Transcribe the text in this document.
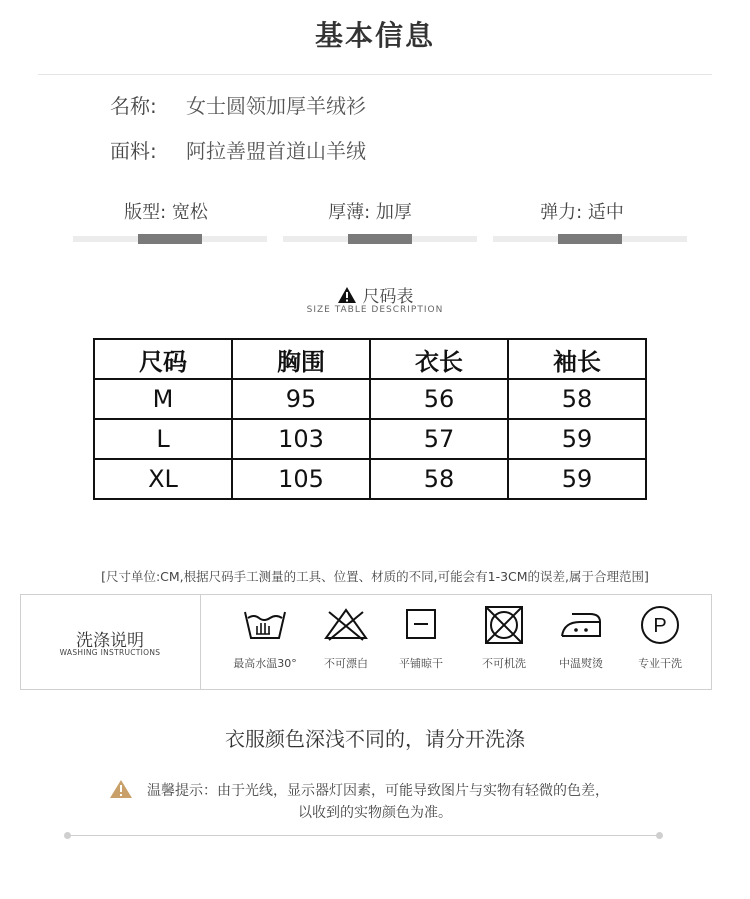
基本信息
名称: 女士圆领加厚羊绒衫
面料: 阿拉善盟首道山羊绒
版型: 宽松	厚薄: 加厚	弹力: 适中
尺码表
SIZE TABLE DESCRIPTION
尺码	胸围	衣长	袖长
M	95	56	58
L	103	57	59
XL	105	58	59
[尺寸单位:CM,根据尺码手工测量的工具、位置、材质的不同,可能会有1-3CM的误差,属于合理范围]
洗涤说明
WASHING INSTRUCTIONS
最高水温30°	不可漂白	平铺晾干	不可机洗	中温熨烫
P
专业干洗
衣服颜色深浅不同的，请分开洗涤
温馨提示：由于光线，显示器灯因素，可能导致图片与实物有轻微的色差，
以收到的实物颜色为准。
